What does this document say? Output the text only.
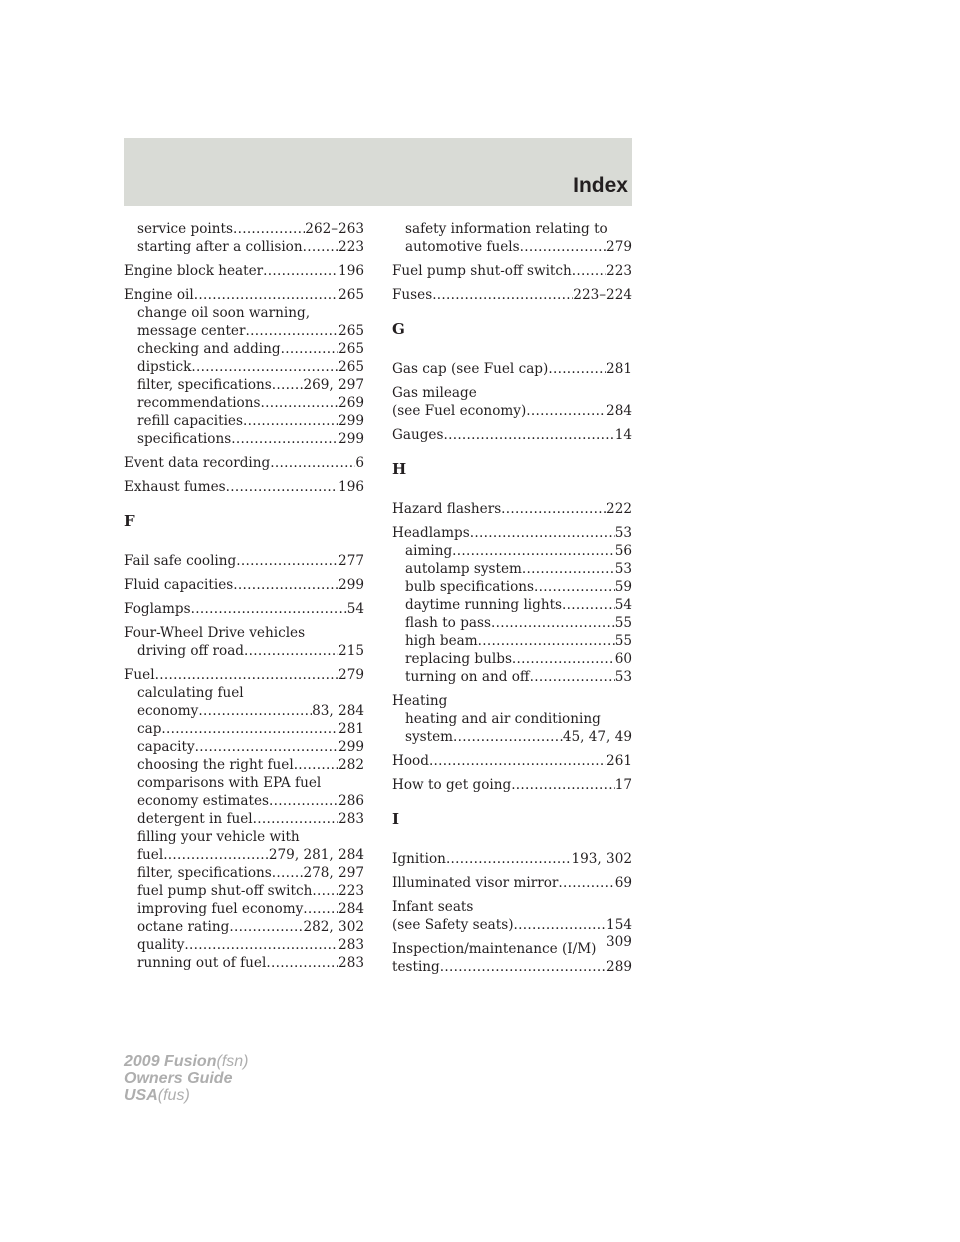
Index
service points .....	262–263
starting after a collision .....	223
Engine block heater .....	196
Engine oil .....	265
change oil soon warning,
message center .....	265
checking and adding .....	265
dipstick .....	265
filter, specifications ..... 269, 297
recommendations .....	269
refill capacities .....	299
specifications .....	299
Event data recording .....	6
Exhaust fumes .....	196
F
Fail safe cooling .....	277
Fluid capacities .....	299
Foglamps .....	54
Four-Wheel Drive vehicles
driving off road .....	215
Fuel .....	279
calculating fuel
economy .....	83, 284
cap .....	281
capacity .....	299
choosing the right fuel .....	282
comparisons with EPA fuel
economy estimates .....	286
detergent in fuel .....	283
filling your vehicle with
fuel .....	279, 281, 284
filter, specifications ..... 278, 297
fuel pump shut-off switch ..... 223
improving fuel economy .....	284
octane rating .....	282, 302
quality .....	283
running out of fuel .....	283
safety information relating to
automotive fuels .....	279
Fuel pump shut-off switch .....	223
Fuses .....	223–224
G
Gas cap (see Fuel cap) .....	281
Gas mileage
(see Fuel economy) .....	284
Gauges .....	14
H
Hazard flashers .....	222
Headlamps .....	53
aiming .....	56
autolamp system .....	53
bulb specifications .....	59
daytime running lights .....	54
flash to pass .....	55
high beam .....	55
replacing bulbs .....	60
turning on and off .....	53
Heating
heating and air conditioning
system .....	45, 47, 49
Hood .....	261
How to get going .....	17
I
Ignition .....	193, 302
Illuminated visor mirror .....	69
Infant seats
(see Safety seats) .....	154
Inspection/maintenance (I/M)
testing .....	289
309
2009 Fusion(fsn)
Owners Guide
USA(fus)
